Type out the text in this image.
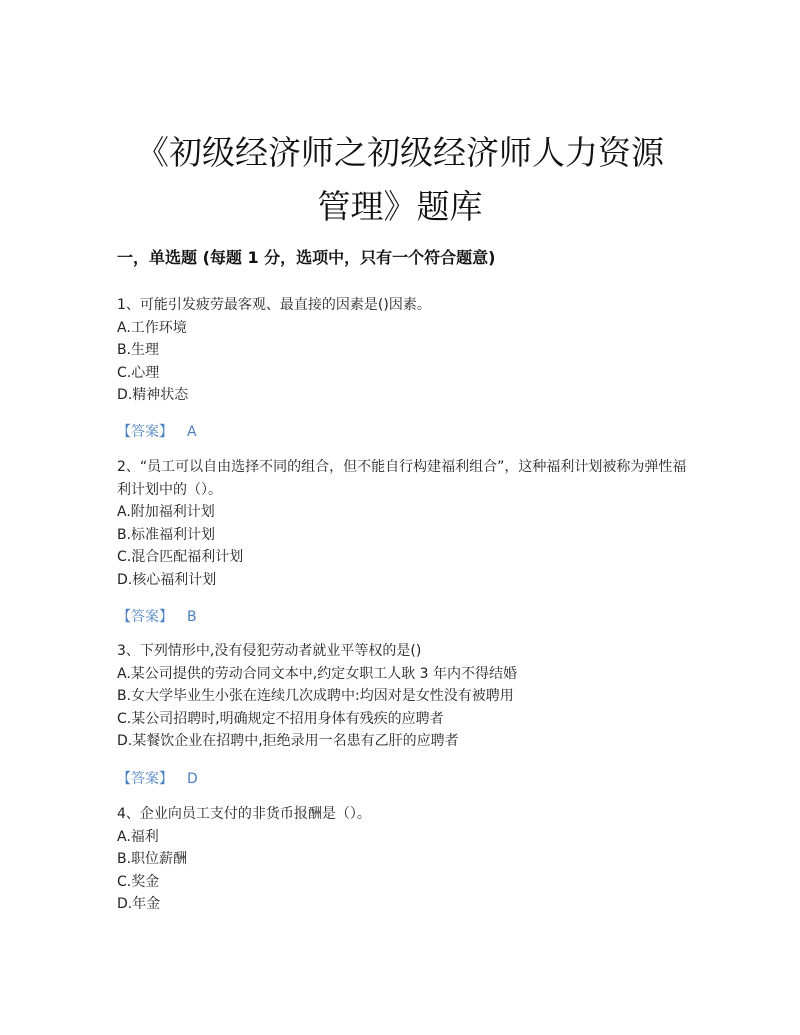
《初级经济师之初级经济师人力资源
管理》题库
一，单选题 (每题 1 分，选项中，只有一个符合题意)
1、可能引发疲劳最客观、最直接的因素是()因素。
A.工作环境
B.生理
C.心理
D.精神状态
【答案】 A
2、“员工可以自由选择不同的组合，但不能自行构建福利组合”，这种福利计划被称为弹性福利计划中的（）。
A.附加福利计划
B.标准福利计划
C.混合匹配福利计划
D.核心福利计划
【答案】 B
3、下列情形中,没有侵犯劳动者就业平等权的是()
A.某公司提供的劳动合同文本中,约定女职工人耿 3 年内不得结婚
B.女大学毕业生小张在连续几次成聘中:均因对是女性没有被聘用
C.某公司招聘时,明确规定不招用身体有残疾的应聘者
D.某餐饮企业在招聘中,拒绝录用一名患有乙肝的应聘者
【答案】 D
4、企业向员工支付的非货币报酬是（）。
A.福利
B.职位薪酬
C.奖金
D.年金
